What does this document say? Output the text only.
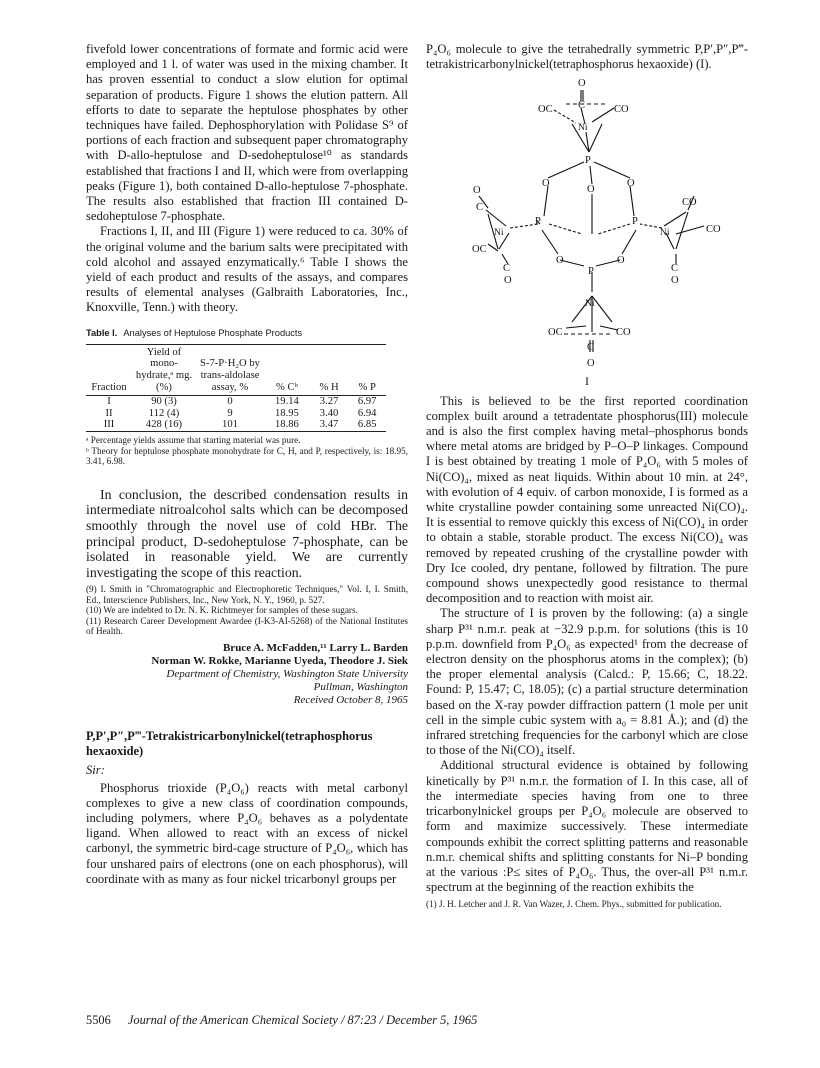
fivefold lower concentrations of formate and formic acid were employed and 1 l. of water was used in the mixing chamber. It has proven essential to conduct a slow elution for optimal separation of products. Figure 1 shows the elution pattern. All efforts to date to separate the heptulose phosphates by other techniques have failed. Dephosphorylation with Polidase S⁹ of portions of each fraction and subsequent paper chromatography with D-allo-heptulose and D-sedoheptulose¹⁰ as standards established that fractions I and II, which were from overlapping peaks (Figure 1), both contained D-allo-heptulose 7-phosphate. The results also established that fraction III contained D-sedoheptulose 7-phosphate.

Fractions I, II, and III (Figure 1) were reduced to ca. 30% of the original volume and the barium salts were precipitated with cold alcohol and assayed enzymatically.⁶ Table I shows the yield of each product and results of the assays, and compares results of elemental analyses (Galbraith Laboratories, Inc., Knoxville, Tenn.) with theory.

Table I. Analyses of Heptulose Phosphate Products
Fraction	Yield of mono-hydrate,ᵃ mg. (%)	S-7-P·H₂O by trans-aldolase assay, %	% Cᵇ	% H	% P
I	90 (3)	0	19.14	3.27	6.97
II	112 (4)	9	18.95	3.40	6.94
III	428 (16)	101	18.86	3.47	6.85
ᵃ Percentage yields assume that starting material was pure.
ᵇ Theory for heptulose phosphate monohydrate for C, H, and P, respectively, is: 18.95, 3.41, 6.98.

In conclusion, the described condensation results in intermediate nitroalcohol salts which can be decomposed smoothly through the novel use of cold HBr. The principal product, D-sedoheptulose 7-phosphate, can be isolated in reasonable yield. We are currently investigating the scope of this reaction.

(9) I. Smith in "Chromatographic and Electrophoretic Techniques," Vol. I, I. Smith, Ed., Interscience Publishers, Inc., New York, N. Y., 1960, p. 527.
(10) We are indebted to Dr. N. K. Richtmeyer for samples of these sugars.
(11) Research Career Development Awardee (I-K3-AI-5268) of the National Institutes of Health.
Bruce A. McFadden,¹¹ Larry L. Barden
Norman W. Rokke, Marianne Uyeda, Theodore J. Siek
Department of Chemistry, Washington State University
Pullman, Washington
Received October 8, 1965
P,P′,P″,P‴-Tetrakistricarbonylnickel(tetraphosphorus hexaoxide)

Sir:

Phosphorus trioxide (P₄O₆) reacts with metal carbonyl complexes to give a new class of coordination compounds, including polymers, where P₄O₆ behaves as a polydentate ligand. When allowed to react with an excess of nickel carbonyl, the symmetric bird-cage structure of P₄O₆, which has four unshared pairs of electrons (one on each phosphorus), will coordinate with as many as four nickel tricarbonyl groups per

P₄O₆ molecule to give the tetrahedrally symmetric P,P′,P″,P‴-tetrakistricarbonylnickel(tetraphosphorus hexaoxide) (I).

O
C
OC	CO
Ni
P
O
O
O
O
C	CO
Ni
P	P
Ni	CO
OC
O	O
P
C
O
C
O
Ni
OC	CO
C
O
I

This is believed to be the first reported coordination complex built around a tetradentate phosphorus(III) molecule and is also the first complex having metal–phosphorus bonds where metal atoms are bridged by P–O–P linkages. Compound I is best obtained by treating 1 mole of P₄O₆ with 5 moles of Ni(CO)₄, mixed as neat liquids. Within about 10 min. at 24°, with evolution of 4 equiv. of carbon monoxide, I is formed as a white crystalline powder containing some unreacted Ni(CO)₄. It is essential to remove quickly this excess of Ni(CO)₄ in order to obtain a stable, storable product. The excess Ni(CO)₄ was removed by repeated crushing of the crystalline powder with Dry Ice cooled, dry pentane, followed by filtration. The pure compound shows unexpectedly good resistance to thermal decomposition and to reaction with moist air.

The structure of I is proven by the following: (a) a single sharp P³¹ n.m.r. peak at −32.9 p.p.m. for solutions (this is 10 p.p.m. downfield from P₄O₆ as expected¹ from the decrease of electron density on the phosphorus atoms in the complex); (b) the proper elemental analysis (Calcd.: P, 15.66; C, 18.22. Found: P, 15.47; C, 18.05); (c) a partial structure determination based on the X-ray powder diffraction pattern (1 mole per unit cell in the simple cubic system with a₀ = 8.81 Å.); and (d) the infrared stretching frequencies for the carbonyl which are close to those of the Ni(CO)₄ itself.

Additional structural evidence is obtained by following kinetically by P³¹ n.m.r. the formation of I. In this case, all of the intermediate species having from one to three tricarbonylnickel groups per P₄O₆ molecule are observed to form and maximize successively. These intermediate compounds exhibit the correct splitting patterns and reasonable n.m.r. chemical shifts and splitting constants for Ni–P bonding at the various :P≤ sites of P₄O₆. Thus, the over-all P³¹ n.m.r. spectrum at the beginning of the reaction exhibits the

(1) J. H. Letcher and J. R. Van Wazer, J. Chem. Phys., submitted for publication.
5506 Journal of the American Chemical Society / 87:23 / December 5, 1965
